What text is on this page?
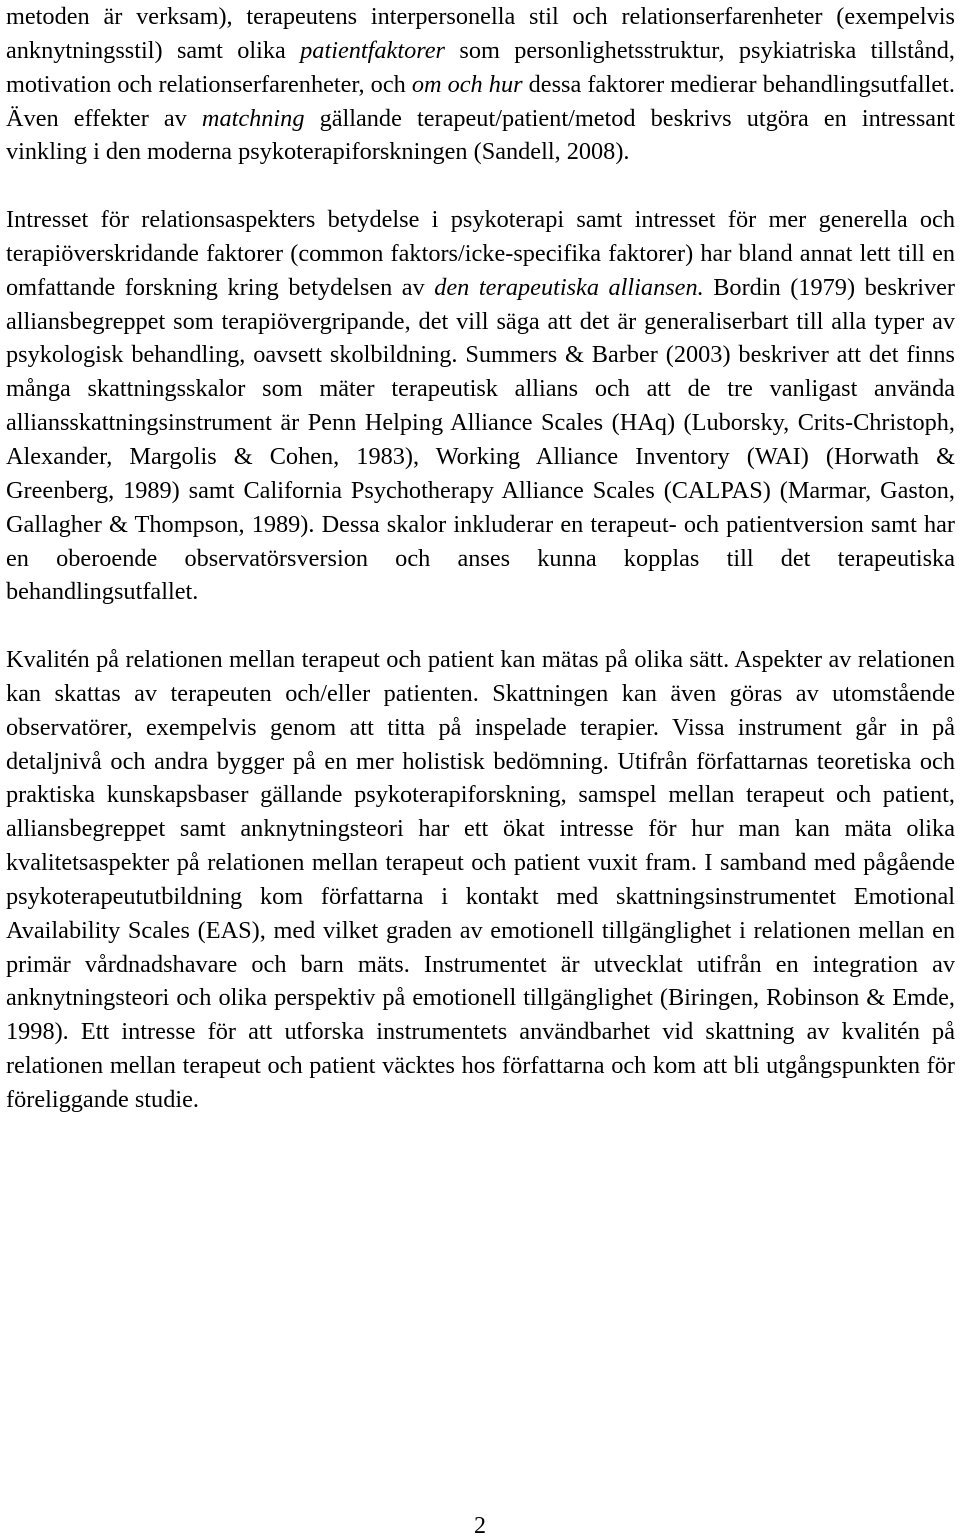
metoden är verksam), terapeutens interpersonella stil och relationserfarenheter (exempelvis anknytningsstil) samt olika patientfaktorer som personlighetsstruktur, psykiatriska tillstånd, motivation och relationserfarenheter, och om och hur dessa faktorer medierar behandlingsutfallet. Även effekter av matchning gällande terapeut/patient/metod beskrivs utgöra en intressant vinkling i den moderna psykoterapiforskningen (Sandell, 2008).

Intresset för relationsaspekters betydelse i psykoterapi samt intresset för mer generella och terapiöverskridande faktorer (common faktors/icke-specifika faktorer) har bland annat lett till en omfattande forskning kring betydelsen av den terapeutiska alliansen. Bordin (1979) beskriver alliansbegreppet som terapiövergripande, det vill säga att det är generaliserbart till alla typer av psykologisk behandling, oavsett skolbildning. Summers & Barber (2003) beskriver att det finns många skattningsskalor som mäter terapeutisk allians och att de tre vanligast använda alliansskattningsinstrument är Penn Helping Alliance Scales (HAq) (Luborsky, Crits-Christoph, Alexander, Margolis & Cohen, 1983), Working Alliance Inventory (WAI) (Horwath & Greenberg, 1989) samt California Psychotherapy Alliance Scales (CALPAS) (Marmar, Gaston, Gallagher & Thompson, 1989). Dessa skalor inkluderar en terapeut- och patientversion samt har en oberoende observatörsversion och anses kunna kopplas till det terapeutiska behandlingsutfallet.

Kvalitén på relationen mellan terapeut och patient kan mätas på olika sätt. Aspekter av relationen kan skattas av terapeuten och/eller patienten. Skattningen kan även göras av utomstående observatörer, exempelvis genom att titta på inspelade terapier. Vissa instrument går in på detaljnivå och andra bygger på en mer holistisk bedömning. Utifrån författarnas teoretiska och praktiska kunskapsbaser gällande psykoterapiforskning, samspel mellan terapeut och patient, alliansbegreppet samt anknytningsteori har ett ökat intresse för hur man kan mäta olika kvalitetsaspekter på relationen mellan terapeut och patient vuxit fram. I samband med pågående psykoterapeututbildning kom författarna i kontakt med skattningsinstrumentet Emotional Availability Scales (EAS), med vilket graden av emotionell tillgänglighet i relationen mellan en primär vårdnadshavare och barn mäts. Instrumentet är utvecklat utifrån en integration av anknytningsteori och olika perspektiv på emotionell tillgänglighet (Biringen, Robinson & Emde, 1998). Ett intresse för att utforska instrumentets användbarhet vid skattning av kvalitén på relationen mellan terapeut och patient väcktes hos författarna och kom att bli utgångspunkten för föreliggande studie.

2
